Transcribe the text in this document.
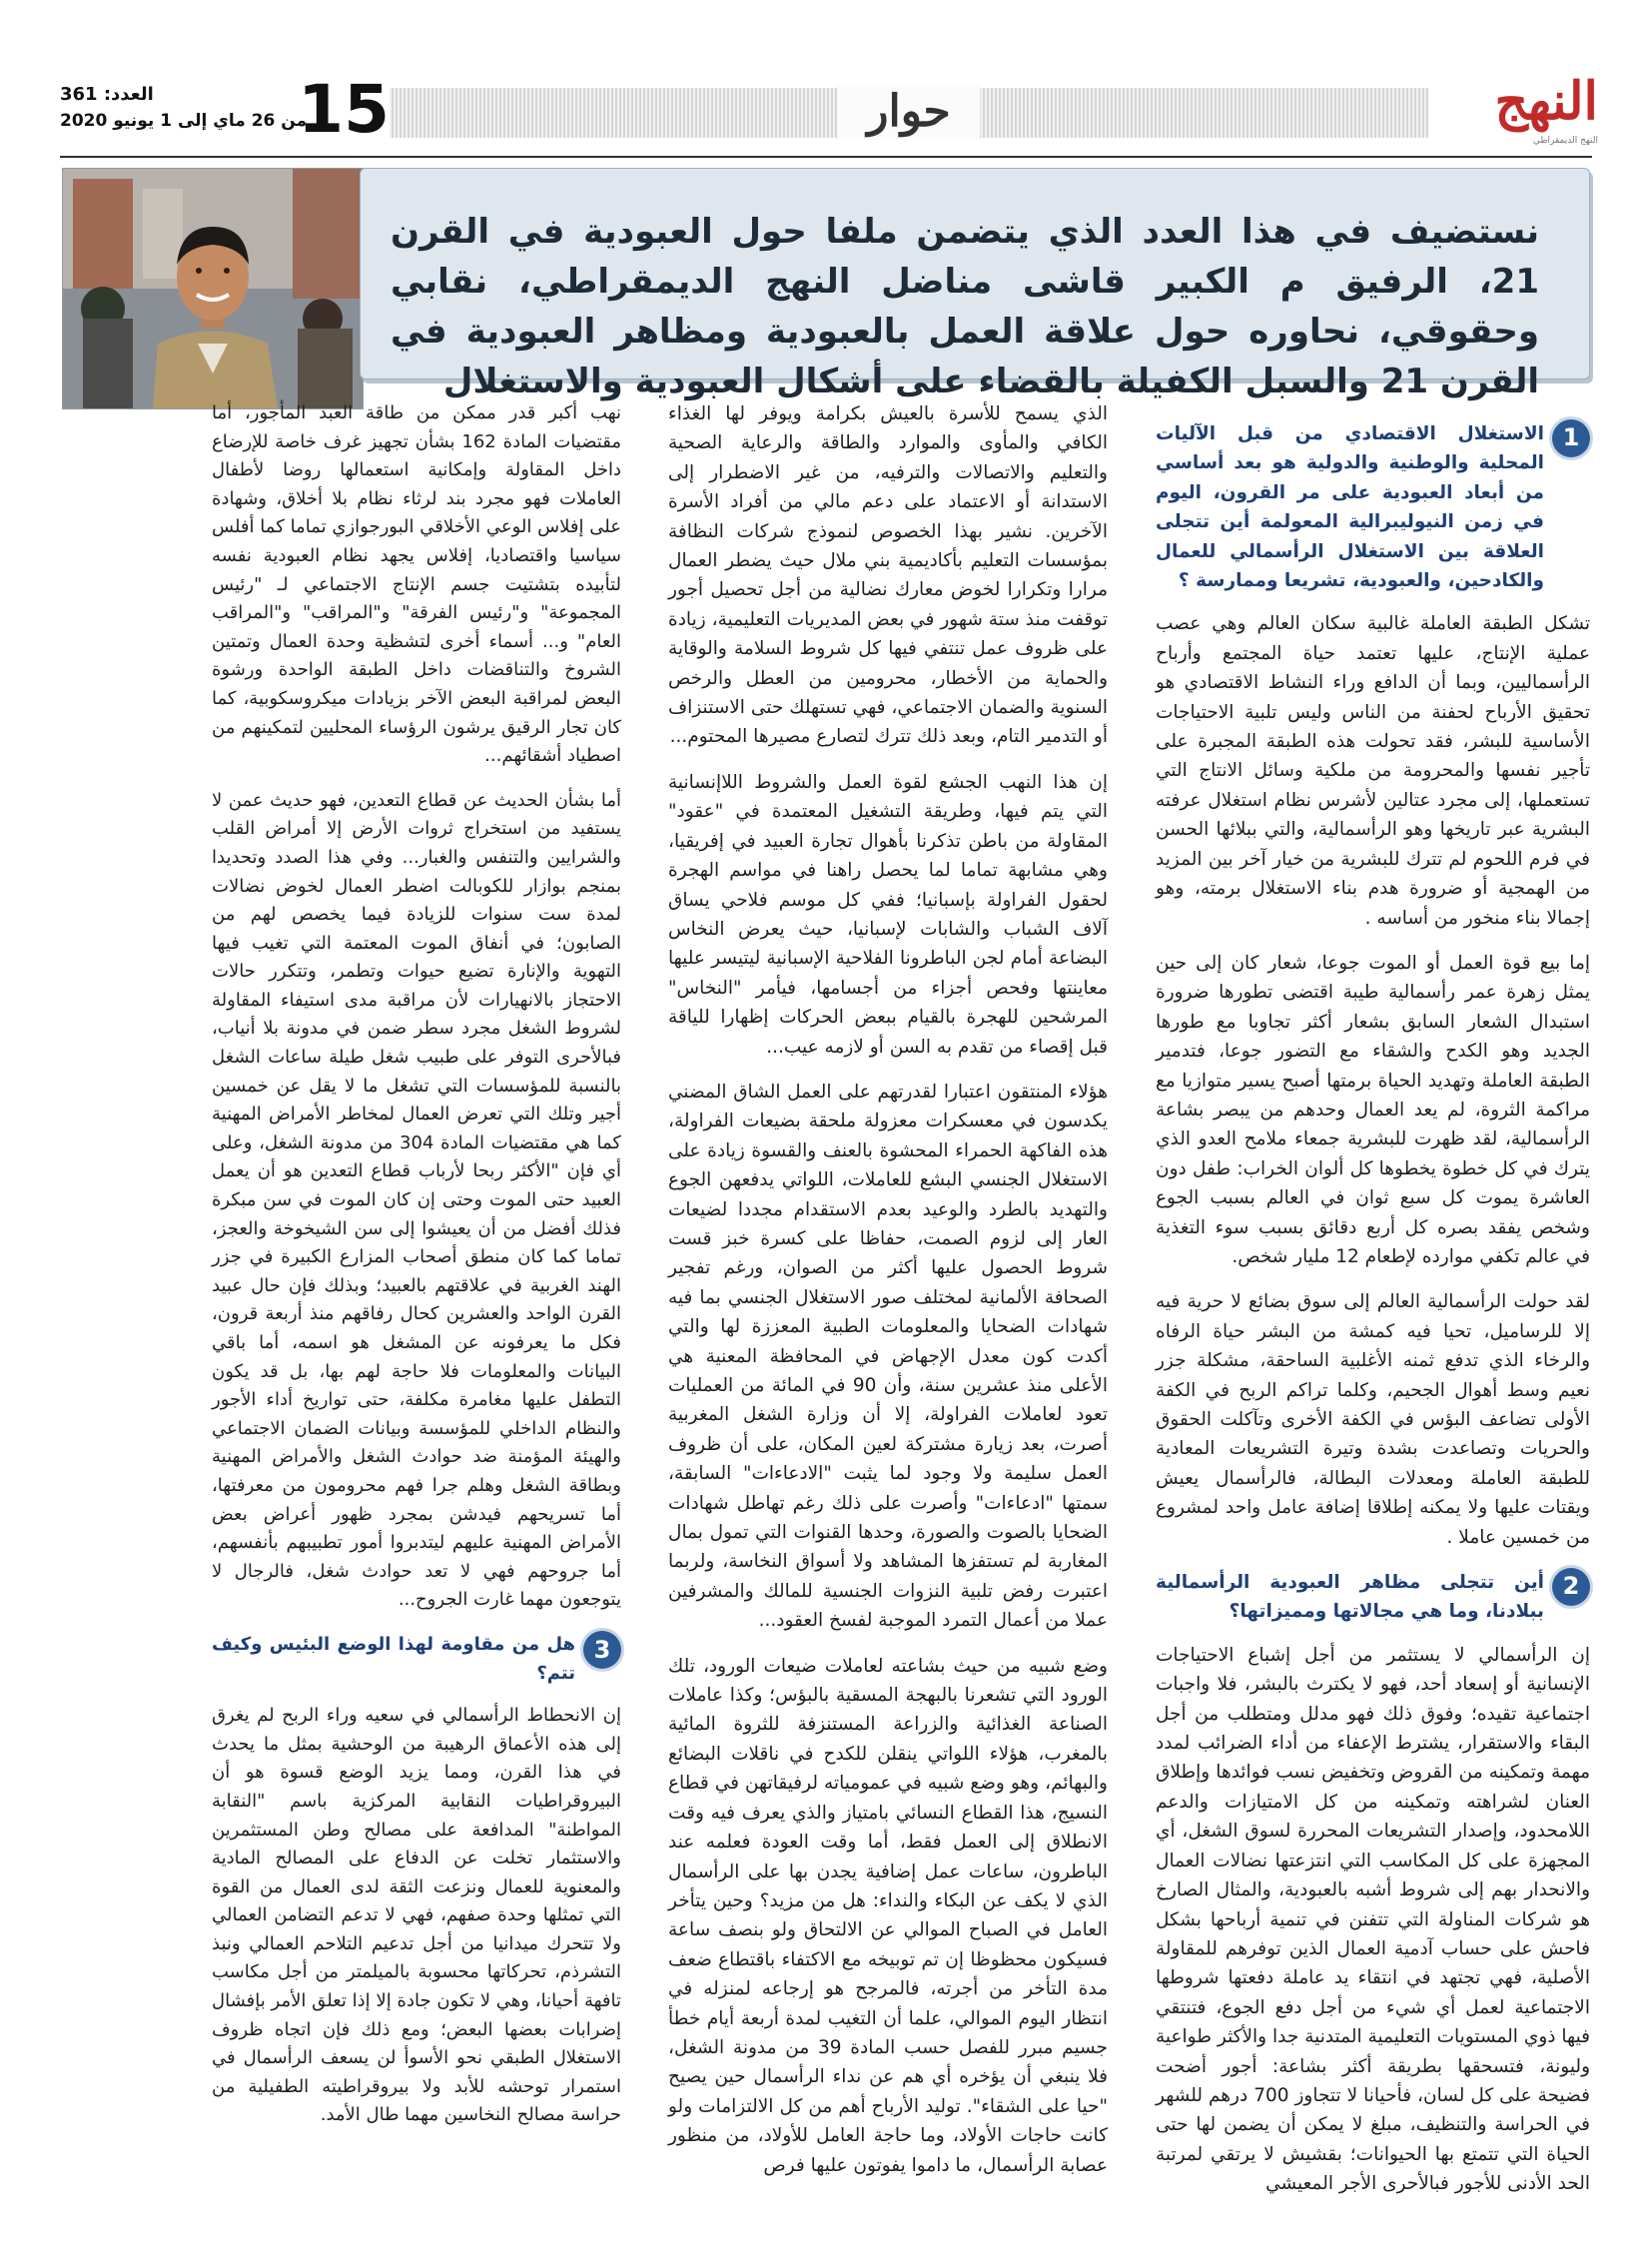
النهج
النهج الديمقراطي
حوار
15
العدد: 361
من 26 ماي إلى 1 يونيو 2020
نستضيف في هذا العدد الذي يتضمن ملفا حول العبودية في القرن 21، الرفيق م الكبير قاشى مناضل النهج الديمقراطي، نقابي وحقوقي، نحاوره حول علاقة العمل بالعبودية ومظاهر العبودية في القرن 21 والسبل الكفيلة بالقضاء على أشكال العبودية والاستغلال
1
الاستغلال الاقتصادي من قبل الآليات المحلية والوطنية والدولية هو بعد أساسي من أبعاد العبودية على مر القرون، اليوم في زمن النيوليبرالية المعولمة أين تتجلى العلاقة بين الاستغلال الرأسمالي للعمال والكادحين، والعبودية، تشريعا وممارسة ؟

تشكل الطبقة العاملة غالبية سكان العالم وهي عصب عملية الإنتاج، عليها تعتمد حياة المجتمع وأرباح الرأسماليين، وبما أن الدافع وراء النشاط الاقتصادي هو تحقيق الأرباح لحفنة من الناس وليس تلبية الاحتياجات الأساسية للبشر، فقد تحولت هذه الطبقة المجبرة على تأجير نفسها والمحرومة من ملكية وسائل الانتاج التي تستعملها، إلى مجرد عتالين لأشرس نظام استغلال عرفته البشرية عبر تاريخها وهو الرأسمالية، والتي ببلائها الحسن في فرم اللحوم لم تترك للبشرية من خيار آخر بين المزيد من الهمجية أو ضرورة هدم بناء الاستغلال برمته، وهو إجمالا بناء منخور من أساسه .

إما بيع قوة العمل أو الموت جوعا، شعار كان إلى حين يمثل زهرة عمر رأسمالية طيبة اقتضى تطورها ضرورة استبدال الشعار السابق بشعار أكثر تجاوبا مع طورها الجديد وهو الكدح والشقاء مع التضور جوعا، فتدمير الطبقة العاملة وتهديد الحياة برمتها أصبح يسير متوازيا مع مراكمة الثروة، لم يعد العمال وحدهم من يبصر بشاعة الرأسمالية، لقد ظهرت للبشرية جمعاء ملامح العدو الذي يترك في كل خطوة يخطوها كل ألوان الخراب: طفل دون العاشرة يموت كل سبع ثوان في العالم بسبب الجوع وشخص يفقد بصره كل أربع دقائق بسبب سوء التغذية في عالم تكفي موارده لإطعام 12 مليار شخص.

لقد حولت الرأسمالية العالم إلى سوق بضائع لا حرية فيه إلا للرساميل، تحيا فيه كمشة من البشر حياة الرفاه والرخاء الذي تدفع ثمنه الأغلبية الساحقة، مشكلة جزر نعيم وسط أهوال الجحيم، وكلما تراكم الربح في الكفة الأولى تضاعف البؤس في الكفة الأخرى وتآكلت الحقوق والحريات وتصاعدت بشدة وتيرة التشريعات المعادية للطبقة العاملة ومعدلات البطالة، فالرأسمال يعيش ويقتات عليها ولا يمكنه إطلاقا إضافة عامل واحد لمشروع من خمسين عاملا .

2
أين تتجلى مظاهر العبودية الرأسمالية ببلادنا، وما هي مجالاتها ومميزاتها؟

إن الرأسمالي لا يستثمر من أجل إشباع الاحتياجات الإنسانية أو إسعاد أحد، فهو لا يكترث بالبشر، فلا واجبات اجتماعية تقيده؛ وفوق ذلك فهو مدلل ومتطلب من أجل البقاء والاستقرار، يشترط الإعفاء من أداء الضرائب لمدد مهمة وتمكينه من القروض وتخفيض نسب فوائدها وإطلاق العنان لشراهته وتمكينه من كل الامتيازات والدعم اللامحدود، وإصدار التشريعات المحررة لسوق الشغل، أي المجهزة على كل المكاسب التي انتزعتها نضالات العمال والانحدار بهم إلى شروط أشبه بالعبودية، والمثال الصارخ هو شركات المناولة التي تتفنن في تنمية أرباحها بشكل فاحش على حساب آدمية العمال الذين توفرهم للمقاولة الأصلية، فهي تجتهد في انتقاء يد عاملة دفعتها شروطها الاجتماعية لعمل أي شيء من أجل دفع الجوع، فتنتقي فيها ذوي المستويات التعليمية المتدنية جدا والأكثر طواعية وليونة، فتسحقها بطريقة أكثر بشاعة: أجور أضحت فضيحة على كل لسان، فأحيانا لا تتجاوز 700 درهم للشهر في الحراسة والتنظيف، مبلغ لا يمكن أن يضمن لها حتى الحياة التي تتمتع بها الحيوانات؛ بقشيش لا يرتقي لمرتبة الحد الأدنى للأجور فبالأحرى الأجر المعيشي

الذي يسمح للأسرة بالعيش بكرامة ويوفر لها الغذاء الكافي والمأوى والموارد والطاقة والرعاية الصحية والتعليم والاتصالات والترفيه، من غير الاضطرار إلى الاستدانة أو الاعتماد على دعم مالي من أفراد الأسرة الآخرين. نشير بهذا الخصوص لنموذج شركات النظافة بمؤسسات التعليم بأكاديمية بني ملال حيث يضطر العمال مرارا وتكرارا لخوض معارك نضالية من أجل تحصيل أجور توقفت منذ ستة شهور في بعض المديريات التعليمية، زيادة على ظروف عمل تنتفي فيها كل شروط السلامة والوقاية والحماية من الأخطار، محرومين من العطل والرخص السنوية والضمان الاجتماعي، فهي تستهلك حتى الاستنزاف أو التدمير التام، وبعد ذلك تترك لتصارع مصيرها المحتوم...

إن هذا النهب الجشع لقوة العمل والشروط اللاإنسانية التي يتم فيها، وطريقة التشغيل المعتمدة في "عقود" المقاولة من باطن تذكرنا بأهوال تجارة العبيد في إفريقيا، وهي مشابهة تماما لما يحصل راهنا في مواسم الهجرة لحقول الفراولة بإسبانيا؛ ففي كل موسم فلاحي يساق آلاف الشباب والشابات لإسبانيا، حيث يعرض النخاس البضاعة أمام لجن الباطرونا الفلاحية الإسبانية ليتيسر عليها معاينتها وفحص أجزاء من أجسامها، فيأمر "النخاس" المرشحين للهجرة بالقيام ببعض الحركات إظهارا للياقة قبل إقصاء من تقدم به السن أو لازمه عيب...

هؤلاء المنتقون اعتبارا لقدرتهم على العمل الشاق المضني يكدسون في معسكرات معزولة ملحقة بضيعات الفراولة، هذه الفاكهة الحمراء المحشوة بالعنف والقسوة زيادة على الاستغلال الجنسي البشع للعاملات، اللواتي يدفعهن الجوع والتهديد بالطرد والوعيد بعدم الاستقدام مجددا لضيعات العار إلى لزوم الصمت، حفاظا على كسرة خبز قست شروط الحصول عليها أكثر من الصوان، ورغم تفجير الصحافة الألمانية لمختلف صور الاستغلال الجنسي بما فيه شهادات الضحايا والمعلومات الطبية المعززة لها والتي أكدت كون معدل الإجهاض في المحافظة المعنية هي الأعلى منذ عشرين سنة، وأن 90 في المائة من العمليات تعود لعاملات الفراولة، إلا أن وزارة الشغل المغربية أصرت، بعد زيارة مشتركة لعين المكان، على أن ظروف العمل سليمة ولا وجود لما يثبت "الادعاءات" السابقة، سمتها "ادعاءات" وأصرت على ذلك رغم تهاطل شهادات الضحايا بالصوت والصورة، وحدها القنوات التي تمول بمال المغاربة لم تستفزها المشاهد ولا أسواق النخاسة، ولربما اعتبرت رفض تلبية النزوات الجنسية للمالك والمشرفين عملا من أعمال التمرد الموجبة لفسخ العقود...

وضع شبيه من حيث بشاعته لعاملات ضيعات الورود، تلك الورود التي تشعرنا بالبهجة المسقية بالبؤس؛ وكذا عاملات الصناعة الغذائية والزراعة المستنزفة للثروة المائية بالمغرب، هؤلاء اللواتي ينقلن للكدح في ناقلات البضائع والبهائم، وهو وضع شبيه في عمومياته لرفيقاتهن في قطاع النسيج، هذا القطاع النسائي بامتياز والذي يعرف فيه وقت الانطلاق إلى العمل فقط، أما وقت العودة فعلمه عند الباطرون، ساعات عمل إضافية يجدن بها على الرأسمال الذي لا يكف عن البكاء والنداء: هل من مزيد؟ وحين يتأخر العامل في الصباح الموالي عن الالتحاق ولو بنصف ساعة فسيكون محظوظا إن تم توبيخه مع الاكتفاء باقتطاع ضعف مدة التأخر من أجرته، فالمرجح هو إرجاعه لمنزله في انتظار اليوم الموالي، علما أن التغيب لمدة أربعة أيام خطأ جسيم مبرر للفصل حسب المادة 39 من مدونة الشغل، فلا ينبغي أن يؤخره أي هم عن نداء الرأسمال حين يصيح "حيا على الشقاء". توليد الأرباح أهم من كل الالتزامات ولو كانت حاجات الأولاد، وما حاجة العامل للأولاد، من منظور عصابة الرأسمال، ما داموا يفوتون عليها فرص

نهب أكبر قدر ممكن من طاقة العبد المأجور، أما مقتضيات المادة 162 بشأن تجهيز غرف خاصة للإرضاع داخل المقاولة وإمكانية استعمالها روضا لأطفال العاملات فهو مجرد بند لرثاء نظام بلا أخلاق، وشهادة على إفلاس الوعي الأخلاقي البورجوازي تماما كما أفلس سياسيا واقتصاديا، إفلاس يجهد نظام العبودية نفسه لتأبيده بتشتيت جسم الإنتاج الاجتماعي لـ "رئيس المجموعة" و"رئيس الفرقة" و"المراقب" و"المراقب العام" و... أسماء أخرى لتشظية وحدة العمال وتمتين الشروخ والتناقضات داخل الطبقة الواحدة ورشوة البعض لمراقبة البعض الآخر بزيادات ميكروسكوبية، كما كان تجار الرقيق يرشون الرؤساء المحليين لتمكينهم من اصطياد أشقائهم...

أما بشأن الحديث عن قطاع التعدين، فهو حديث عمن لا يستفيد من استخراج ثروات الأرض إلا أمراض القلب والشرايين والتنفس والغبار... وفي هذا الصدد وتحديدا بمنجم بوازار للكوبالت اضطر العمال لخوض نضالات لمدة ست سنوات للزيادة فيما يخصص لهم من الصابون؛ في أنفاق الموت المعتمة التي تغيب فيها التهوية والإنارة تضيع حيوات وتطمر، وتتكرر حالات الاحتجاز بالانهيارات لأن مراقبة مدى استيفاء المقاولة لشروط الشغل مجرد سطر ضمن في مدونة بلا أنياب، فبالأحرى التوفر على طبيب شغل طيلة ساعات الشغل بالنسبة للمؤسسات التي تشغل ما لا يقل عن خمسين أجير وتلك التي تعرض العمال لمخاطر الأمراض المهنية كما هي مقتضيات المادة 304 من مدونة الشغل، وعلى أي فإن "الأكثر ربحا لأرباب قطاع التعدين هو أن يعمل العبيد حتى الموت وحتى إن كان الموت في سن مبكرة فذلك أفضل من أن يعيشوا إلى سن الشيخوخة والعجز، تماما كما كان منطق أصحاب المزارع الكبيرة في جزر الهند الغربية في علاقتهم بالعبيد؛ وبذلك فإن حال عبيد القرن الواحد والعشرين كحال رفاقهم منذ أربعة قرون، فكل ما يعرفونه عن المشغل هو اسمه، أما باقي البيانات والمعلومات فلا حاجة لهم بها، بل قد يكون التطفل عليها مغامرة مكلفة، حتى تواريخ أداء الأجور والنظام الداخلي للمؤسسة وبيانات الضمان الاجتماعي والهيئة المؤمنة ضد حوادث الشغل والأمراض المهنية وبطاقة الشغل وهلم جرا فهم محرومون من معرفتها، أما تسريحهم فيدشن بمجرد ظهور أعراض بعض الأمراض المهنية عليهم ليتدبروا أمور تطبيبهم بأنفسهم، أما جروحهم فهي لا تعد حوادث شغل، فالرجال لا يتوجعون مهما غارت الجروح...

3
هل من مقاومة لهذا الوضع البئيس وكيف تتم؟

إن الانحطاط الرأسمالي في سعيه وراء الربح لم يغرق إلى هذه الأعماق الرهيبة من الوحشية بمثل ما يحدث في هذا القرن، ومما يزيد الوضع قسوة هو أن البيروقراطيات النقابية المركزية باسم "النقابة المواطنة" المدافعة على مصالح وطن المستثمرين والاستثمار تخلت عن الدفاع على المصالح المادية والمعنوية للعمال ونزعت الثقة لدى العمال من القوة التي تمثلها وحدة صفهم، فهي لا تدعم التضامن العمالي ولا تتحرك ميدانيا من أجل تدعيم التلاحم العمالي ونبذ التشرذم، تحركاتها محسوبة بالميلمتر من أجل مكاسب تافهة أحيانا، وهي لا تكون جادة إلا إذا تعلق الأمر بإفشال إضرابات بعضها البعض؛ ومع ذلك فإن اتجاه ظروف الاستغلال الطبقي نحو الأسوأ لن يسعف الرأسمال في استمرار توحشه للأبد ولا بيروقراطيته الطفيلية من حراسة مصالح النخاسين مهما طال الأمد.
